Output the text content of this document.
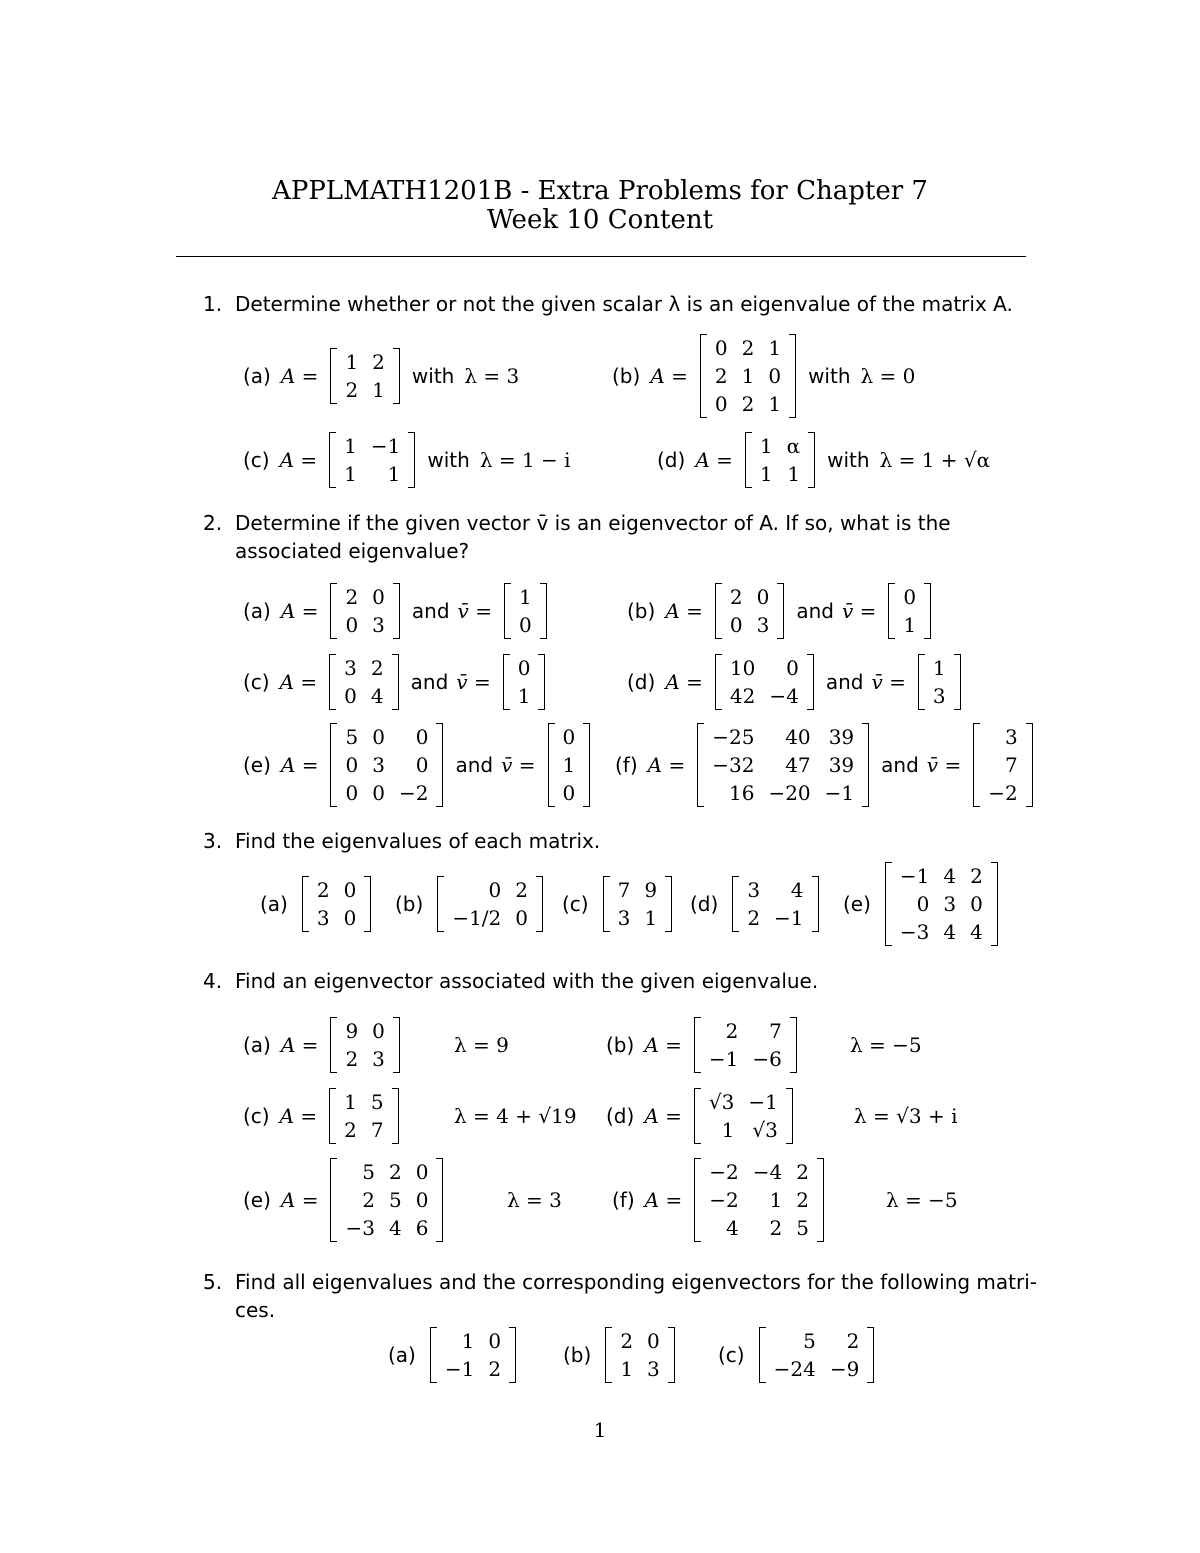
APPLMATH1201B - Extra Problems for Chapter 7
Week 10 Content
1. Determine whether or not the given scalar λ is an eigenvalue of the matrix A.
(a) A =
1	2
2	1
with λ = 3	(b) A =
0	2	1
2	1	0
0	2	1
with λ = 0
(c) A =
1	−1
1	1
with λ = 1 − i	(d) A =
1	α
1	1
with λ = 1 + √α
2. Determine if the given vector v̄ is an eigenvector of A. If so, what is the
associated eigenvalue?
(a) A =
2	0
0	3
and v̄ =
1
0
(b) A =
2	0
0	3
and v̄ =
0
1
(c) A =
3	2
0	4
and v̄ =
0
1
(d) A =
10	0
42	−4
and v̄ =
1
3
(e) A =
5	0	0
0	3	0
0	0	−2
and v̄ =
0
1
0
(f) A =
−25	40	39
−32	47	39
16	−20	−1
and v̄ =
3
7
−2
3. Find the eigenvalues of each matrix.
(a)
2	0
3	0
(b)
0	2
−1/2	0
(c)
7	9
3	1
(d)
3	4
2	−1
(e)
−1	4	2
0	3	0
−3	4	4
4. Find an eigenvector associated with the given eigenvalue.
(a) A =
9	0
2	3
λ = 9	(b) A =
2	7
−1	−6
λ = −5
(c) A =
1	5
2	7
λ = 4 + √19 (d) A =
√3	−1
1	√3
λ = √3 + i
(e) A =
5	2	0
2	5	0
−3	4	6
λ = 3	(f) A =
−2	−4	2
−2	1	2
4	2	5
λ = −5
5. Find all eigenvalues and the corresponding eigenvectors for the following matri-
ces.
(a)
1	0
−1	2
(b)
2	0
1	3
(c)
5	2
−24	−9
1
